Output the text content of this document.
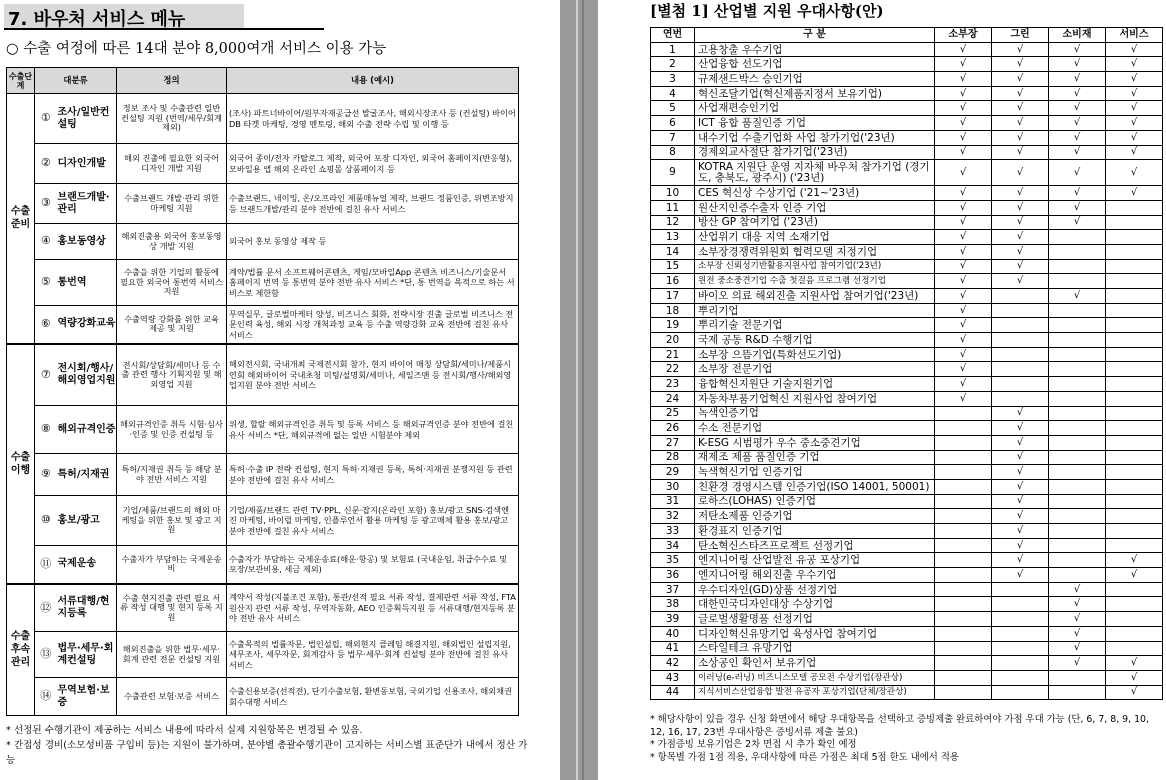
7. 바우처 서비스 메뉴
○ 수출 여정에 따른 14대 분야 8,000여개 서비스 이용 가능
수출단계	대분류		정의	내용 (예시)
수출준비	①	조사/일반컨설팅	정보 조사 및 수출관련 일반 컨설팅 지원 (번역/세무/회계 제외)	(조사) 파트너바이어/원부자재공급선 발굴조사, 해외시장조사 등 (컨설팅) 바이어DB 타겟 마케팅, 경영 멘토링, 해외 수출 전략 수립 및 이행 등
	②	디자인개발	해외 진출에 필요한 외국어 디자인 개발 지원	외국어 종이/전자 카탈로그 제작, 외국어 포장 디자인, 외국어 홈페이지(반응형), 모바일용 앱 해외 온라인 쇼핑몰 상품페이지 등
	③	브랜드개발·관리	수출브랜드 개발·관리 위한 마케팅 지원	수출브랜드, 네이밍, 온/오프라인 제품매뉴얼 제작, 브랜드 정품인증, 위변조방지 등 브랜드개발/관리 분야 전반에 걸친 유사 서비스
	④	홍보동영상	해외진출용 외국어 홍보동영상 개발 지원	외국어 홍보 동영상 제작 등
	⑤	통번역	수출을 위한 기업의 활동에 필요한 외국어 통번역 서비스 지원	계약/법률 문서 소프트웨어콘텐츠, 게임/모바일App 콘텐츠 비즈니스/기술문서 홈페이지 번역 등 통번역 분야 전반 유사 서비스 *단, 통 번역을 목적으로 하는 서비스로 제한함
	⑥	역량강화교육	수출역량 강화를 위한 교육 제공 및 지원	무역실무, 글로벌마케터 양성, 비즈니스 회화, 전략시장 진출 글로벌 비즈니스 전문인력 육성, 해외 시장 개척과정 교육 등 수출 역량강화 교육 전반에 걸친 유사 서비스
수출이행	⑦	전시회/행사/해외영업지원	전시회/상담회/세미나 등 수출 관련 행사 기획지원 및 해외영업 지원	해외전시회, 국내개최 국제전시회 참가, 현지 바이어 매칭 상담회/세미나/제품시연회 해외바이어 국내초청 미팅/설명회/세미나, 세일즈맨 등 전시회/행사/해외영업지원 분야 전반 서비스
	⑧	해외규격인증	해외규격인증 취득 시험·심사·인증 및 인증 컨설팅 등	위생, 할랄 해외규격인증 취득 및 등록 서비스 등 해외규격인증 분야 전반에 걸친 유사 서비스 *단, 해외규격에 없는 일반 시험분야 제외
	⑨	특허/지재권	특허/지재권 취득 등 해당 분야 전반 서비스 지원	특허·수출 IP 전략 컨설팅, 현지 특허·지재권 등록, 특허·지재권 분쟁지원 등 관련 분야 전반에 걸친 유사 서비스
	⑩	홍보/광고	기업/제품/브랜드의 해외 마케팅을 위한 홍보 및 광고 지원	기업/제품/브랜드 관련 TV·PPL, 신문·잡지(온라인 포함) 홍보/광고 SNS·검색엔진 마케팅, 바이럴 마케팅, 인플루언서 활용 마케팅 등 광고매체 활용 홍보/광고 분야 전반에 걸친 유사 서비스
	⑪	국제운송	수출자가 부담하는 국제운송비	수출자가 부담하는 국제운송료(해운·항공) 및 보험료 (국내운임, 취급수수료 및 포장/보관비용, 세금 제외)
수출후속관리	⑫	서류대행/현지등록	수출 현지진출 관련 필요 서류 작성 대행 및 현지 등록 지원	계약서 작성(지불조건 포함), 통관/선적 필요 서류 작성, 결제관련 서류 작성, FTA 원산지 관련 서류 작성, 무역자동화, AEO 인증획득지원 등 서류대행/현지등록 분야 전반 유사 서비스
	⑬	법무·세무·회계컨설팅	해외진출을 위한 법무·세무·회계 관련 전문 컨설팅 지원	수출목적의 법률자문, 법인설립, 해외현지 클레임 해결지원, 해외법인 설립지원, 세무조사, 세무자문, 회계감사 등 법무·세무·회계 컨설팅 분야 전반에 걸친 유사 서비스
	⑭	무역보험·보증	수출관련 보험·보증 서비스	수출신용보증(선적전), 단기수출보험, 환변동보험, 국외기업 신용조사, 해외채권 회수대행 서비스
* 선정된 수행기관이 제공하는 서비스 내용에 따라서 실제 지원항목은 변경될 수 있음.
* 간접성 경비(소모성비품 구입비 등)는 지원이 불가하며, 분야별 총괄수행기관이 고지하는 서비스별 표준단가 내에서 정산 가능
[별첨 1] 산업별 지원 우대사항(안)
연번	구 분	소부장	그린	소비재	서비스
1	고용창출 우수기업	√	√	√	√
2	산업융합 선도기업	√	√	√	√
3	규제샌드박스 승인기업	√	√	√	√
4	혁신조달기업(혁신제품지정서 보유기업)	√	√	√	√
5	사업재편승인기업	√	√	√	√
6	ICT 융합 품질인증 기업	√	√	√	√
7	내수기업 수출기업화 사업 참가기업('23년)	√	√	√	√
8	경제외교사절단 참가기업('23년)	√	√	√	√
9	KOTRA 지원단 운영 지자체 바우처 참가기업 (경기도, 충북도, 광주시) ('23년)	√	√	√	√
10	CES 혁신상 수상기업 ('21~'23년)	√	√	√	√
11	원산지인증수출자 인증 기업	√	√	√	
12	방산 GP 참여기업 ('23년)	√	√	√	
13	산업위기 대응 지역 소재기업	√	√		
14	소부장경쟁력위원회 협력모델 지정기업	√	√		
15	소부장 신뢰성기반활용지원사업 참여기업('23년)	√	√		
16	원전 중소중견기업 수출 첫걸음 프로그램 선정기업	√	√		
17	바이오 의료 해외진출 지원사업 참여기업('23년)	√		√	
18	뿌리기업	√			
19	뿌리기술 전문기업	√			
20	국제 공동 R&D 수행기업	√			
21	소부장 으뜸기업(특화선도기업)	√			
22	소부장 전문기업	√			
23	융합혁신지원단 기술지원기업	√			
24	자동차부품기업혁신 지원사업 참여기업	√			
25	녹색인증기업		√		
26	수소 전문기업		√		
27	K-ESG 시범평가 우수 중소중견기업		√		
28	재제조 제품 품질인증 기업		√		
29	녹색혁신기업 인증기업		√		
30	친환경 경영시스템 인증기업(ISO 14001, 50001)		√		
31	로하스(LOHAS) 인증기업		√		
32	저탄소제품 인증기업		√		
33	환경표지 인증기업		√		
34	탄소혁신스타즈프로젝트 선정기업		√		
35	엔지니어링 산업발전 유공 포상기업		√		√
36	엔지니어링 해외진출 우수기업		√		√
37	우수디자인(GD)상품 선정기업			√	
38	대한민국디자인대상 수상기업			√	
39	글로벌생활명품 선정기업			√	
40	디자인혁신유망기업 육성사업 참여기업			√	
41	스타일테크 유망기업			√	
42	소상공인 확인서 보유기업			√	√
43	이러닝(e-러닝) 비즈니스모델 공모전 수상기업(장관상)				√
44	지식서비스산업융합 발전 유공자 포상기업(단체/장관상)				√
* 해당사항이 있을 경우 신청 화면에서 해당 우대항목을 선택하고 증빙제출 완료하여야 가점 우대 가능 (단, 6, 7, 8, 9, 10, 12, 16, 17, 23번 우대사항은 증빙서류 제출 불요)
* 가점증빙 보유기업은 2차 면접 시 추가 확인 예정
* 항목별 가점 1점 적용, 우대사항에 따른 가점은 최대 5점 한도 내에서 적용
